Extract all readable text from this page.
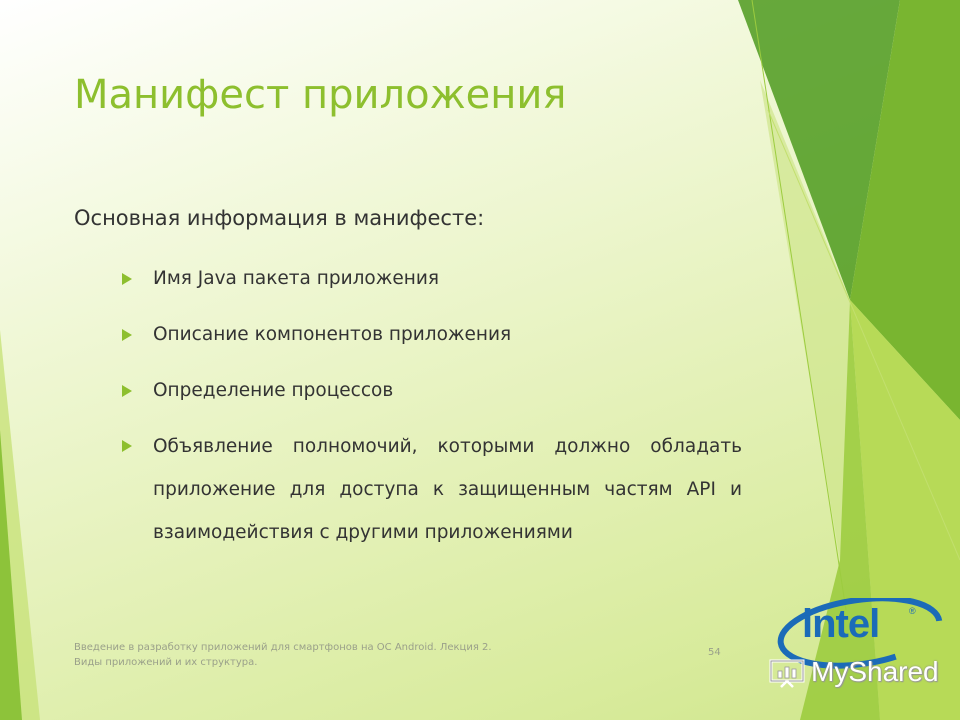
Манифест приложения
Основная информация в манифесте:
Имя Java пакета приложения
Описание компонентов приложения
Определение процессов
Объявление полномочий, которыми должно обладать приложение для доступа к защищенным частям API и взаимодействия с другими приложениями
Введение в разработку приложений для смартфонов на ОС Android. Лекция 2.
Виды приложений и их структура.
54
intel	®
MyShared
